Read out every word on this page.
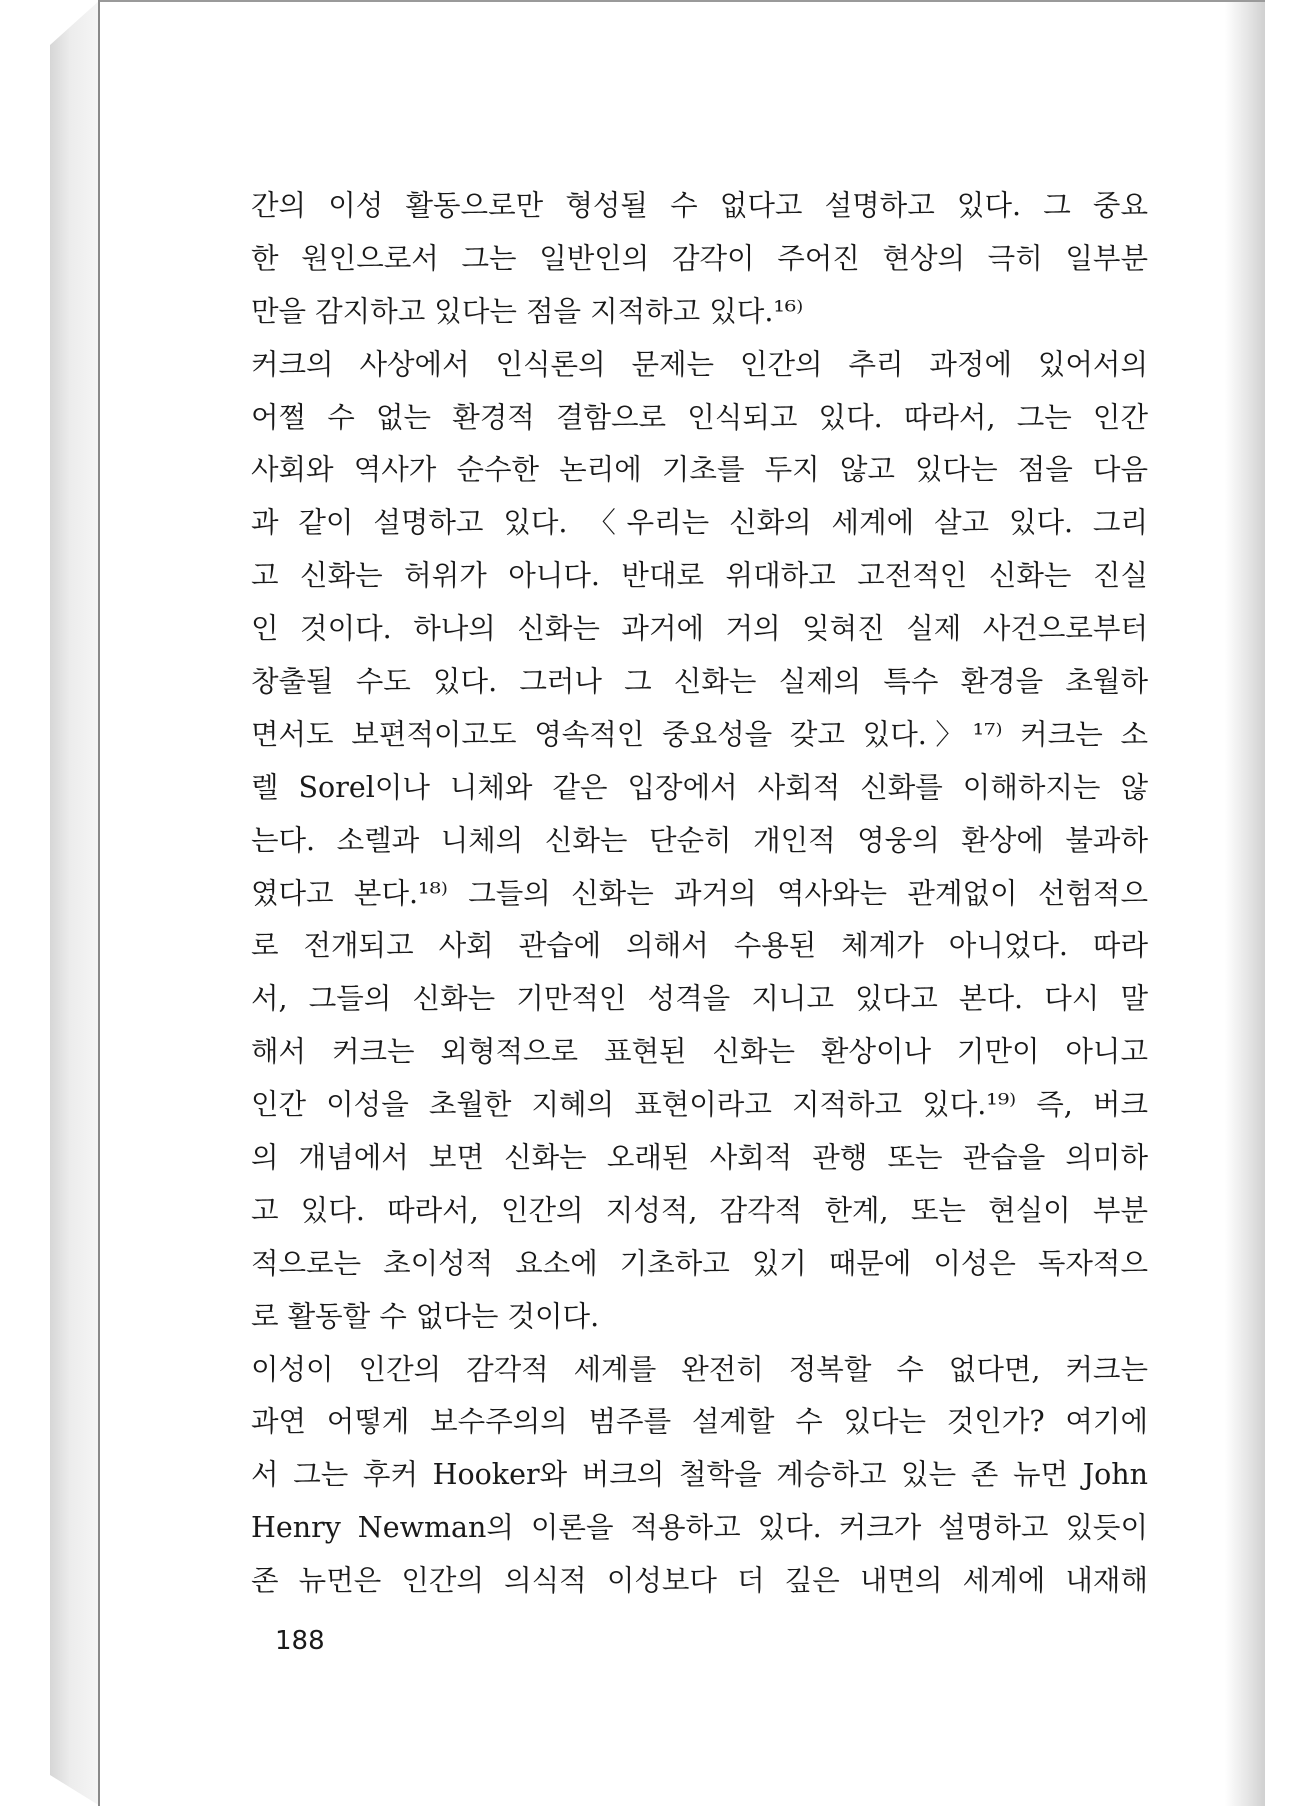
간의 이성 활동으로만 형성될 수 없다고 설명하고 있다. 그 중요
한 원인으로서 그는 일반인의 감각이 주어진 현상의 극히 일부분
만을 감지하고 있다는 점을 지적하고 있다.¹⁶⁾
커크의 사상에서 인식론의 문제는 인간의 추리 과정에 있어서의
어쩔 수 없는 환경적 결함으로 인식되고 있다. 따라서, 그는 인간
사회와 역사가 순수한 논리에 기초를 두지 않고 있다는 점을 다음
과 같이 설명하고 있다. 〈우리는 신화의 세계에 살고 있다. 그리
고 신화는 허위가 아니다. 반대로 위대하고 고전적인 신화는 진실
인 것이다. 하나의 신화는 과거에 거의 잊혀진 실제 사건으로부터
창출될 수도 있다. 그러나 그 신화는 실제의 특수 환경을 초월하
면서도 보편적이고도 영속적인 중요성을 갖고 있다.〉¹⁷⁾ 커크는 소
렐 Sorel이나 니체와 같은 입장에서 사회적 신화를 이해하지는 않
는다. 소렐과 니체의 신화는 단순히 개인적 영웅의 환상에 불과하
였다고 본다.¹⁸⁾ 그들의 신화는 과거의 역사와는 관계없이 선험적으
로 전개되고 사회 관습에 의해서 수용된 체계가 아니었다. 따라
서, 그들의 신화는 기만적인 성격을 지니고 있다고 본다. 다시 말
해서 커크는 외형적으로 표현된 신화는 환상이나 기만이 아니고
인간 이성을 초월한 지혜의 표현이라고 지적하고 있다.¹⁹⁾ 즉, 버크
의 개념에서 보면 신화는 오래된 사회적 관행 또는 관습을 의미하
고 있다. 따라서, 인간의 지성적, 감각적 한계, 또는 현실이 부분
적으로는 초이성적 요소에 기초하고 있기 때문에 이성은 독자적으
로 활동할 수 없다는 것이다.
이성이 인간의 감각적 세계를 완전히 정복할 수 없다면, 커크는
과연 어떻게 보수주의의 범주를 설계할 수 있다는 것인가? 여기에
서 그는 후커 Hooker와 버크의 철학을 계승하고 있는 존 뉴먼 John
Henry Newman의 이론을 적용하고 있다. 커크가 설명하고 있듯이
존 뉴먼은 인간의 의식적 이성보다 더 깊은 내면의 세계에 내재해
188
